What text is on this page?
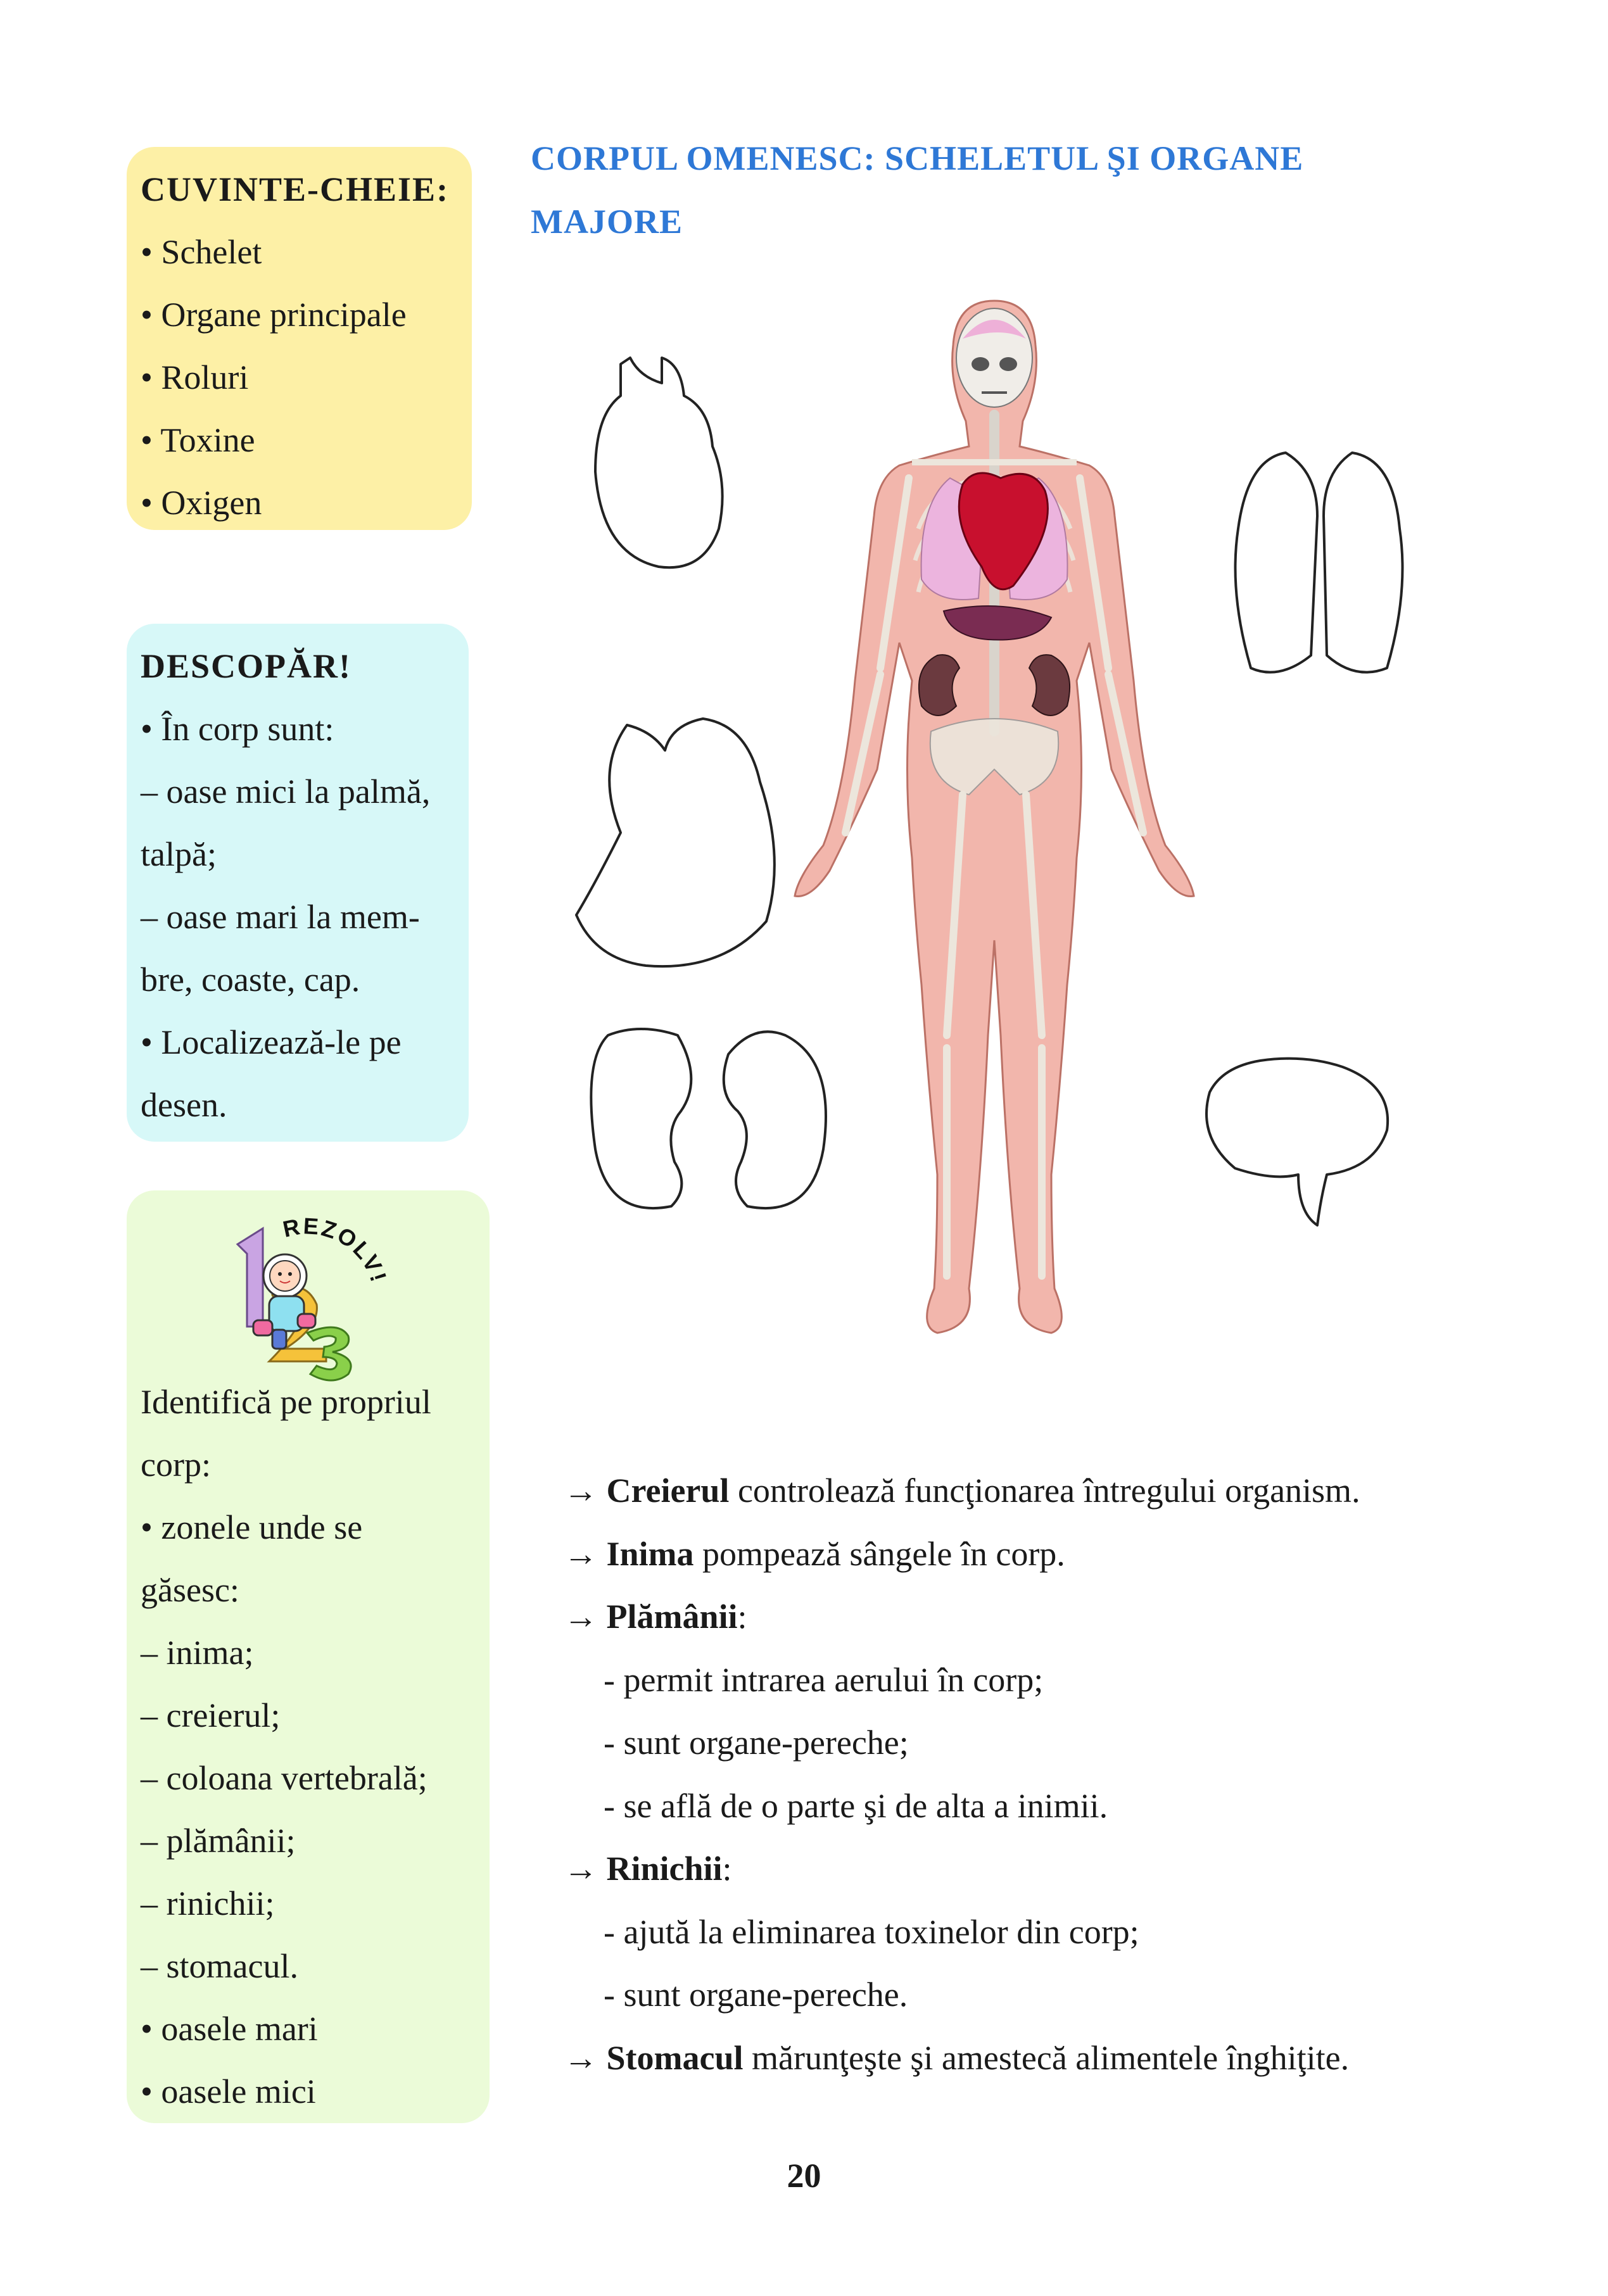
CORPUL OMENESC: SCHELETUL ŞI ORGANE
MAJORE
CUVINTE-CHEIE:
• Schelet
• Organe principale
• Roluri
• Toxine
• Oxigen
DESCOPĂR!
• În corp sunt:
– oase mici la palmă,
talpă;
– oase mari la mem-
bre, coaste, cap.
• Localizează-le pe
desen.
REZOLV!
Identifică pe propriul
corp:
• zonele unde se
găsesc:
– inima;
– creierul;
– coloana vertebrală;
– plămânii;
– rinichii;
– stomacul.
• oasele mari
• oasele mici
→ Creierul controlează funcţionarea întregului organism.
→ Inima pompează sângele în corp.
→ Plămânii:
- permit intrarea aerului în corp;
- sunt organe-pereche;
- se află de o parte şi de alta a inimii.
→ Rinichii:
- ajută la eliminarea toxinelor din corp;
- sunt organe-pereche.
→ Stomacul mărunţeşte şi amestecă alimentele înghiţite.
20
